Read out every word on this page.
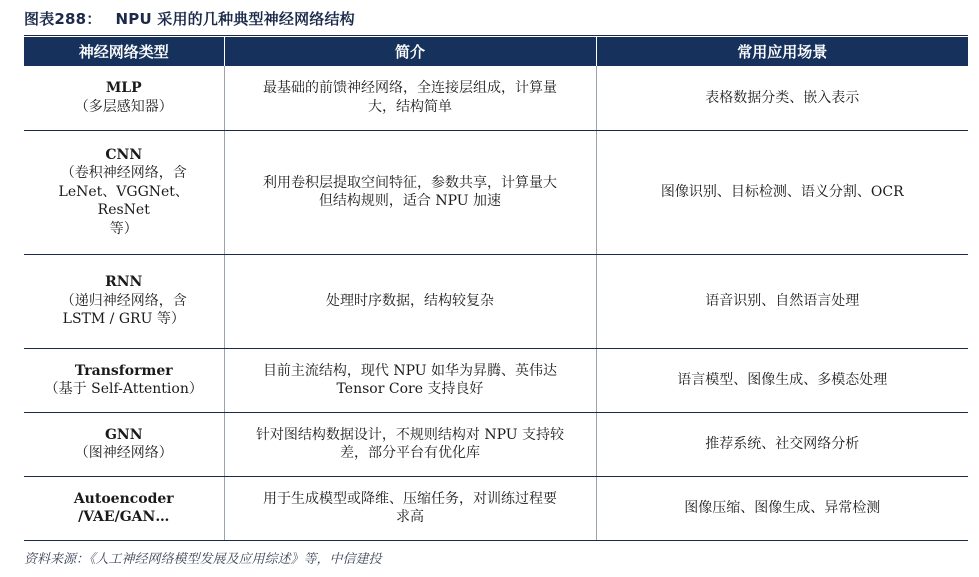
图表288： NPU 采用的几种典型神经网络结构
神经网络类型	简介	常用应用场景

MLP
（多层感知器）	最基础的前馈神经网络，全连接层组成，计算量
大，结构简单	表格数据分类、嵌入表示

CNN
（卷积神经网络，含
LeNet、VGGNet、ResNet
等）	利用卷积层提取空间特征，参数共享，计算量大
但结构规则，适合 NPU 加速	图像识别、目标检测、语义分割、OCR

RNN
（递归神经网络，含
LSTM / GRU 等）	处理时序数据，结构较复杂	语音识别、自然语言处理

Transformer
（基于 Self-Attention）	目前主流结构，现代 NPU 如华为昇腾、英伟达
Tensor Core 支持良好	语言模型、图像生成、多模态处理

GNN
（图神经网络）	针对图结构数据设计，不规则结构对 NPU 支持较
差，部分平台有优化库	推荐系统、社交网络分析

Autoencoder
/VAE/GAN…	用于生成模型或降维、压缩任务，对训练过程要
求高	图像压缩、图像生成、异常检测
资料来源：《人工神经网络模型发展及应用综述》等，中信建投
